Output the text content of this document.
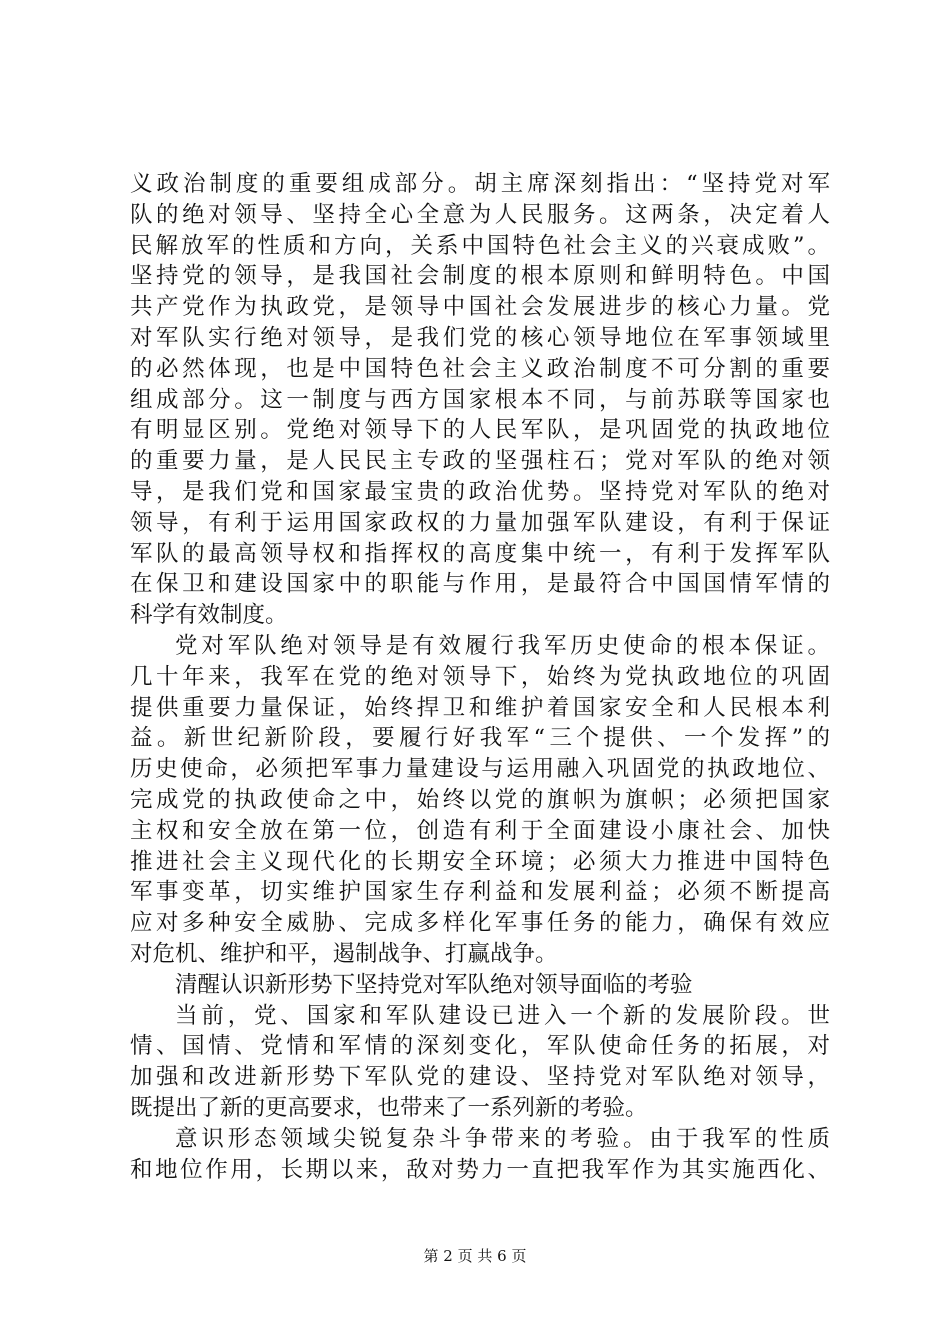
义政治制度的重要组成部分。胡主席深刻指出：“坚持党对军
队的绝对领导、坚持全心全意为人民服务。这两条，决定着人
民解放军的性质和方向，关系中国特色社会主义的兴衰成败”。
坚持党的领导，是我国社会制度的根本原则和鲜明特色。中国
共产党作为执政党，是领导中国社会发展进步的核心力量。党
对军队实行绝对领导，是我们党的核心领导地位在军事领域里
的必然体现，也是中国特色社会主义政治制度不可分割的重要
组成部分。这一制度与西方国家根本不同，与前苏联等国家也
有明显区别。党绝对领导下的人民军队，是巩固党的执政地位
的重要力量，是人民民主专政的坚强柱石；党对军队的绝对领
导，是我们党和国家最宝贵的政治优势。坚持党对军队的绝对
领导，有利于运用国家政权的力量加强军队建设，有利于保证
军队的最高领导权和指挥权的高度集中统一，有利于发挥军队
在保卫和建设国家中的职能与作用，是最符合中国国情军情的
科学有效制度。
党对军队绝对领导是有效履行我军历史使命的根本保证。
几十年来，我军在党的绝对领导下，始终为党执政地位的巩固
提供重要力量保证，始终捍卫和维护着国家安全和人民根本利
益。新世纪新阶段，要履行好我军“三个提供、一个发挥”的
历史使命，必须把军事力量建设与运用融入巩固党的执政地位、
完成党的执政使命之中，始终以党的旗帜为旗帜；必须把国家
主权和安全放在第一位，创造有利于全面建设小康社会、加快
推进社会主义现代化的长期安全环境；必须大力推进中国特色
军事变革，切实维护国家生存利益和发展利益；必须不断提高
应对多种安全威胁、完成多样化军事任务的能力，确保有效应
对危机、维护和平，遏制战争、打赢战争。
清醒认识新形势下坚持党对军队绝对领导面临的考验
当前，党、国家和军队建设已进入一个新的发展阶段。世
情、国情、党情和军情的深刻变化，军队使命任务的拓展，对
加强和改进新形势下军队党的建设、坚持党对军队绝对领导，
既提出了新的更高要求，也带来了一系列新的考验。
意识形态领域尖锐复杂斗争带来的考验。由于我军的性质
和地位作用，长期以来，敌对势力一直把我军作为其实施西化、
第 2 页 共 6 页
